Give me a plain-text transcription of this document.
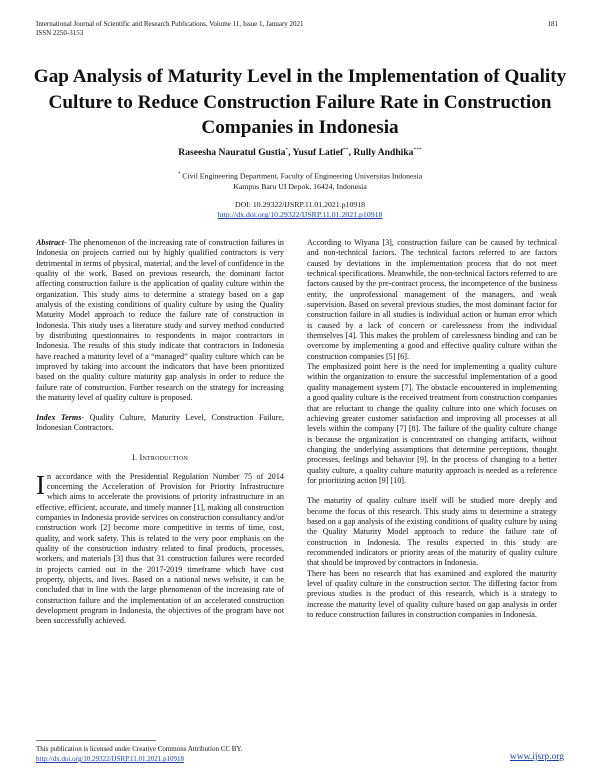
International Journal of Scientific and Research Publications, Volume 11, Issue 1, January 2021
ISSN 2250-3153
181
Gap Analysis of Maturity Level in the Implementation of Quality Culture to Reduce Construction Failure Rate in Construction Companies in Indonesia
Raseesha Nauratul Gustia*, Yusuf Latief**, Rully Andhika***
* Civil Engineering Department, Faculty of Engineering Universitas Indonesia
Kampus Baru UI Depok, 16424, Indonesia
DOI: 10.29322/IJSRP.11.01.2021.p10918
http://dx.doi.org/10.29322/IJSRP.11.01.2021.p10918

Abstract- The phenomenon of the increasing rate of construction failures in Indonesia on projects carried out by highly qualified contractors is very detrimental in terms of physical, material, and the level of confidence in the quality of the work. Based on previous research, the dominant factor affecting construction failure is the application of quality culture within the organization. This study aims to determine a strategy based on a gap analysis of the existing conditions of quality culture by using the Quality Maturity Model approach to reduce the failure rate of construction in Indonesia. This study uses a literature study and survey method conducted by distributing questionnaires to respondents in major contractors in Indonesia. The results of this study indicate that contractors in Indonesia have reached a maturity level of a “managed” quality culture which can be improved by taking into account the indicators that have been prioritized based on the quality culture maturity gap analysis in order to reduce the failure rate of construction. Further research on the strategy for increasing the maturity level of quality culture is proposed.

Index Terms- Quality Culture, Maturity Level, Construction Failure, Indonesian Contractors.

I. Introduction

In accordance with the Presidential Regulation Number 75 of 2014 concerning the Acceleration of Provision for Priority Infrastructure which aims to accelerate the provisions of priority infrastructure in an effective, efficient, accurate, and timely manner [1], making all construction companies in Indonesia provide services on construction consultancy and/or construction work [2] become more competitive in terms of time, cost, quality, and work safety. This is related to the very poor emphasis on the quality of the construction industry related to final products, processes, workers, and materials [3] thus that 31 construction failures were recorded in projects carried out in the 2017-2019 timeframe which have cost property, objects, and lives. Based on a national news website, it can be concluded that in line with the large phenomenon of the increasing rate of construction failure and the implementation of an accelerated construction development program in Indonesia, the objectives of the program have not been successfully achieved.

According to Wiyana [3], construction failure can be caused by technical and non-technical factors. The technical factors referred to are factors caused by deviations in the implementation process that do not meet technical specifications. Meanwhile, the non-technical factors referred to are factors caused by the pre-contract process, the incompetence of the business entity, the unprofessional management of the managers, and weak supervision. Based on several previous studies, the most dominant factor for construction failure in all studies is individual action or human error which is caused by a lack of concern or carelessness from the individual themselves [4]. This makes the problem of carelessness binding and can be overcome by implementing a good and effective quality culture within the construction companies [5] [6].

The emphasized point here is the need for implementing a quality culture within the organization to ensure the successful implementation of a good quality management system [7]. The obstacle encountered in implementing a good quality culture is the received treatment from construction companies that are reluctant to change the quality culture into one which focuses on achieving greater customer satisfaction and improving all processes at all levels within the company [7] [8]. The failure of the quality culture change is because the organization is concentrated on changing artifacts, without changing the underlying assumptions that determine perceptions, thought processes, feelings and behavior [9]. In the process of changing to a better quality culture, a quality culture maturity approach is needed as a reference for prioritizing action [9] [10].

The maturity of quality culture itself will be studied more deeply and become the focus of this research. This study aims to determine a strategy based on a gap analysis of the existing conditions of quality culture by using the Quality Maturity Model approach to reduce the failure rate of construction in Indonesia. The results expected in this study are recommended indicators or priority areas of the maturity of quality culture that should be improved by contractors in Indonesia.

There has been no research that has examined and explored the maturity level of quality culture in the construction sector. The differing factor from previous studies is the product of this research, which is a strategy to increase the maturity level of quality culture based on gap analysis in order to reduce construction failures in construction companies in Indonesia.

This publication is licensed under Creative Commons Attribution CC BY.
http://dx.doi.org/10.29322/IJSRP.11.01.2021.p10918	www.ijsrp.org
